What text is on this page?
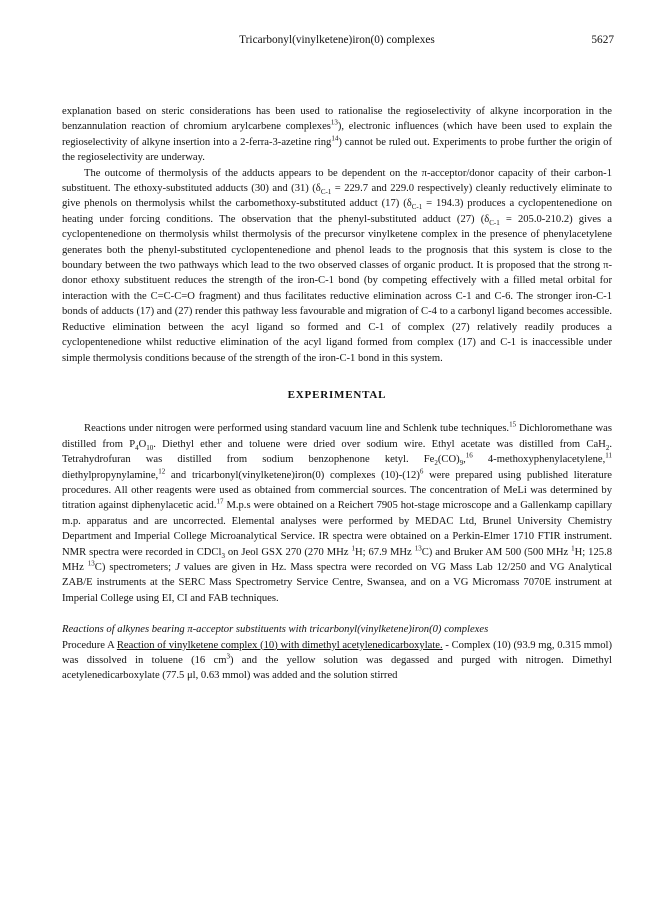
Tricarbonyl(vinylketene)iron(0) complexes	5627

explanation based on steric considerations has been used to rationalise the regioselectivity of alkyne incorporation in the benzannulation reaction of chromium arylcarbene complexes$^{13}$), electronic influences (which have been used to explain the regioselectivity of alkyne insertion into a 2-ferra-3-azetine ring$^{14}$) cannot be ruled out. Experiments to probe further the origin of the regioselectivity are underway.

The outcome of thermolysis of the adducts appears to be dependent on the π-acceptor/donor capacity of their carbon-1 substituent. The ethoxy-substituted adducts (30) and (31) ($\delta_{C-1} = 229.7$ and 229.0 respectively) cleanly reductively eliminate to give phenols on thermolysis whilst the carbomethoxy-substituted adduct (17) $(\delta_{C-1} = 194.3)$ produces a cyclopentenedione on heating under forcing conditions. The observation that the phenyl-substituted adduct (27) $(\delta_{C-1} = 205.0-210.2)$ gives a cyclopentenedione on thermolysis whilst thermolysis of the precursor vinylketene complex in the presence of phenylacetylene generates both the phenyl-substituted cyclopentenedione and phenol leads to the prognosis that this system is close to the boundary between the two pathways which lead to the two observed classes of organic product. It is proposed that the strong π-donor ethoxy substituent reduces the strength of the iron-C-1 bond (by competing effectively with a filled metal orbital for interaction with the C=C-C=O fragment) and thus facilitates reductive elimination across C-1 and C-6. The stronger iron-C-1 bonds of adducts (17) and (27) render this pathway less favourable and migration of C-4 to a carbonyl ligand becomes accessible. Reductive elimination between the acyl ligand so formed and C-1 of complex (27) relatively readily produces a cyclopentenedione whilst reductive elimination of the acyl ligand formed from complex (17) and C-1 is inaccessible under simple thermolysis conditions because of the strength of the iron-C-1 bond in this system.

EXPERIMENTAL

Reactions under nitrogen were performed using standard vacuum line and Schlenk tube techniques.$^{15}$ Dichloromethane was distilled from $P_4O_{10}$. Diethyl ether and toluene were dried over sodium wire. Ethyl acetate was distilled from CaH$_2$. Tetrahydrofuran was distilled from sodium benzophenone ketyl. $Fe_2(CO)_9,^{16}$ 4-methoxyphenylacetylene,$^{11}$ diethylpropynylamine,$^{12}$ and tricarbonyl(vinylketene)iron(0) complexes $(10)-(12)^6$ were prepared using published literature procedures. All other reagents were used as obtained from commercial sources. The concentration of MeLi was determined by titration against diphenylacetic acid.$^{17}$ M.p.s were obtained on a Reichert 7905 hot-stage microscope and a Gallenkamp capillary m.p. apparatus and are uncorrected. Elemental analyses were performed by MEDAC Ltd, Brunel University Chemistry Department and Imperial College Microanalytical Service. IR spectra were obtained on a Perkin-Elmer 1710 FTIR instrument. NMR spectra were recorded in CDCl$_3$ on Jeol GSX 270 (270 MHz $^1$H; 67.9 MHz $^{13}$C) and Bruker AM 500 (500 MHz $^1$H; 125.8 MHz $^{13}$C) spectrometers; J values are given in Hz. Mass spectra were recorded on VG Mass Lab 12/250 and VG Analytical ZAB/E instruments at the SERC Mass Spectrometry Service Centre, Swansea, and on a VG Micromass 7070E instrument at Imperial College using EI, CI and FAB techniques.

Reactions of alkynes bearing π-acceptor substituents with tricarbonyl(vinylketene)iron(0) complexes

Procedure A Reaction of vinylketene complex (10) with dimethyl acetylenedicarboxylate. - Complex (10) (93.9 mg, 0.315 mmol) was dissolved in toluene (16 $cm^3$) and the yellow solution was degassed and purged with nitrogen. Dimethyl acetylenedicarboxylate (77.5 μl, 0.63 mmol) was added and the solution stirred
